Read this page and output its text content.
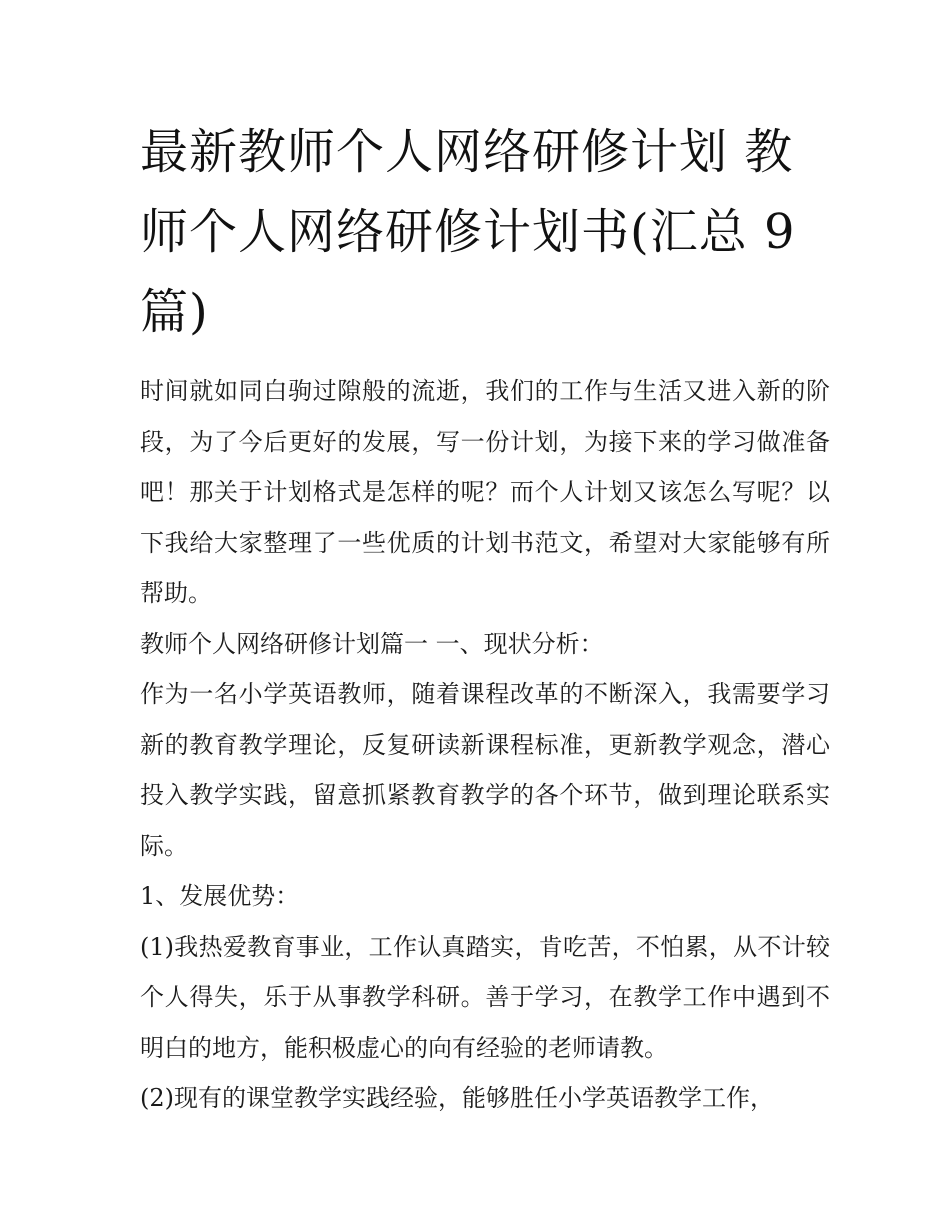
最新教师个人网络研修计划 教师个人网络研修计划书(汇总 9 篇)

时间就如同白驹过隙般的流逝，我们的工作与生活又进入新的阶段，为了今后更好的发展，写一份计划，为接下来的学习做准备吧！那关于计划格式是怎样的呢？而个人计划又该怎么写呢？以下我给大家整理了一些优质的计划书范文，希望对大家能够有所帮助。

教师个人网络研修计划篇一 一、现状分析：

作为一名小学英语教师，随着课程改革的不断深入，我需要学习新的教育教学理论，反复研读新课程标准，更新教学观念，潜心投入教学实践，留意抓紧教育教学的各个环节，做到理论联系实际。

1、发展优势：

(1)我热爱教育事业，工作认真踏实，肯吃苦，不怕累，从不计较个人得失，乐于从事教学科研。善于学习，在教学工作中遇到不明白的地方，能积极虚心的向有经验的老师请教。

(2)现有的课堂教学实践经验，能够胜任小学英语教学工作，
